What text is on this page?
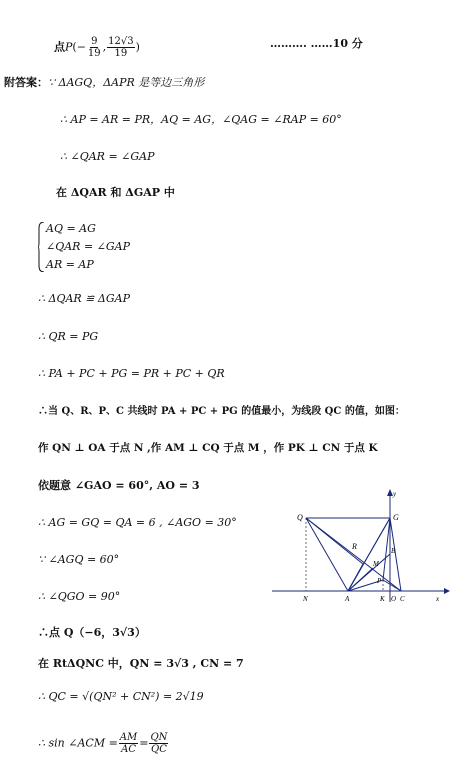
点$P(- \frac{9}{19}$ , $\frac{12√3}{19}$ )	………. ……10 分
附答案：∵ ΔAGQ，ΔAPR 是等边三角形
∴ AP = AR = PR，AQ = AG，∠QAG = ∠RAP = 60°
∴ ∠QAR = ∠GAP
在 ΔQAR 和 ΔGAP 中
AQ = AG
∠QAR = ∠GAP
AR = AP
∴ ΔQAR ≌ ΔGAP
∴ QR = PG
∴ PA + PC + PG = PR + PC + QR
∴当 Q、R、P、C 共线时 PA + PC + PG 的值最小，为线段 QC 的值，如图：
作 QN ⊥ OA 于点 N ,作 AM ⊥ CQ 于点 M ，作 PK ⊥ CN 于点 K
依题意 ∠GAO = 60°, AO = 3
∴ AG = GQ = QA = 6 , ∠AGO = 30°
∵ ∠AGQ = 60°
∴ ∠QGO = 90°
∴点 Q（−6，3√3）
在 RtΔQNC 中，QN = 3√3 , CN = 7
∴ QC = √(QN² + CN²) = 2√19
∴ sin ∠ACM = $\frac{AM}{AC} = \frac{QN}{QC}$
Q	G
y
R
M
B
P
N	A	K O C	x
